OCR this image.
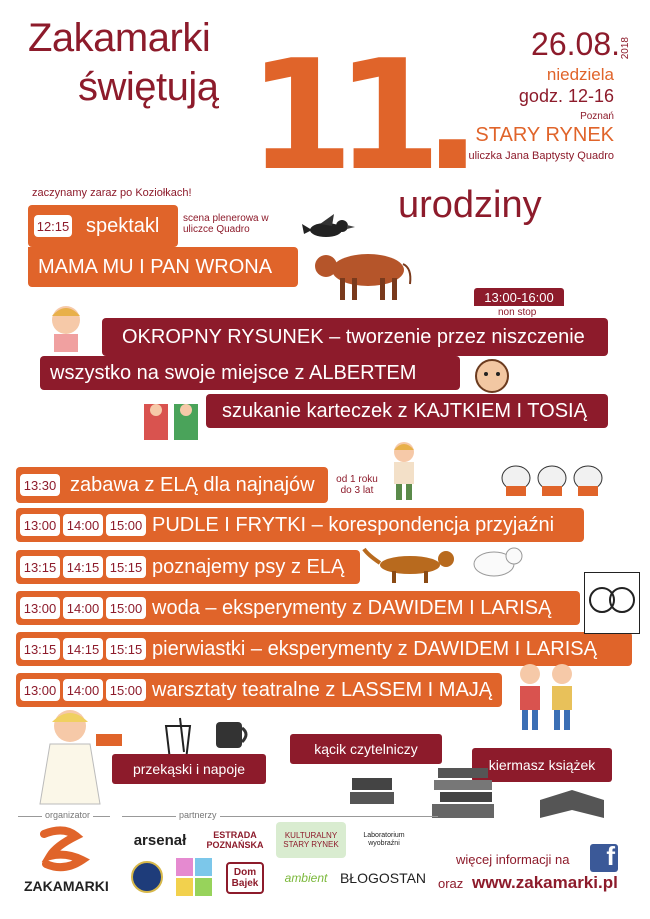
Zakamarki
świętują 11.
urodziny
26.08. 2018
niedziela
godz. 12-16
Poznań
STARY RYNEK
uliczka Jana Baptysty Quadro
zaczynamy zaraz po Koziołkach!
12:15 spektakl scena plenerowa w uliczce Quadro
MAMA MU I PAN WRONA
13:00-16:00
non stop
OKROPNY RYSUNEK – tworzenie przez niszczenie
wszystko na swoje miejsce z ALBERTEM
szukanie karteczek z KAJTKIEM I TOSIĄ
13:30 zabawa z ELĄ dla najnajów od 1 roku do 3 lat
13:00 14:00 15:00 PUDLE I FRYTKI – korespondencja przyjaźni
13:15 14:15 15:15 poznajemy psy z ELĄ
13:00 14:00 15:00 woda – eksperymenty z DAWIDEM I LARISĄ
13:15 14:15 15:15 pierwiastki – eksperymenty z DAWIDEM I LARISĄ
13:00 14:00 15:00 warsztaty teatralne z LASSEM I MAJĄ
przekąski i napoje
kącik czytelniczy
kiermasz książek
organizator
ZAKAMARKI
partnerzy
arsenał	ESTRADA POZNAŃSKA
KULTURALNY STARY RYNEK
Laboratorium wyobraźni
Dom Bajek	ambient BŁOGOSTAN
więcej informacji na	f
oraz www.zakamarki.pl
